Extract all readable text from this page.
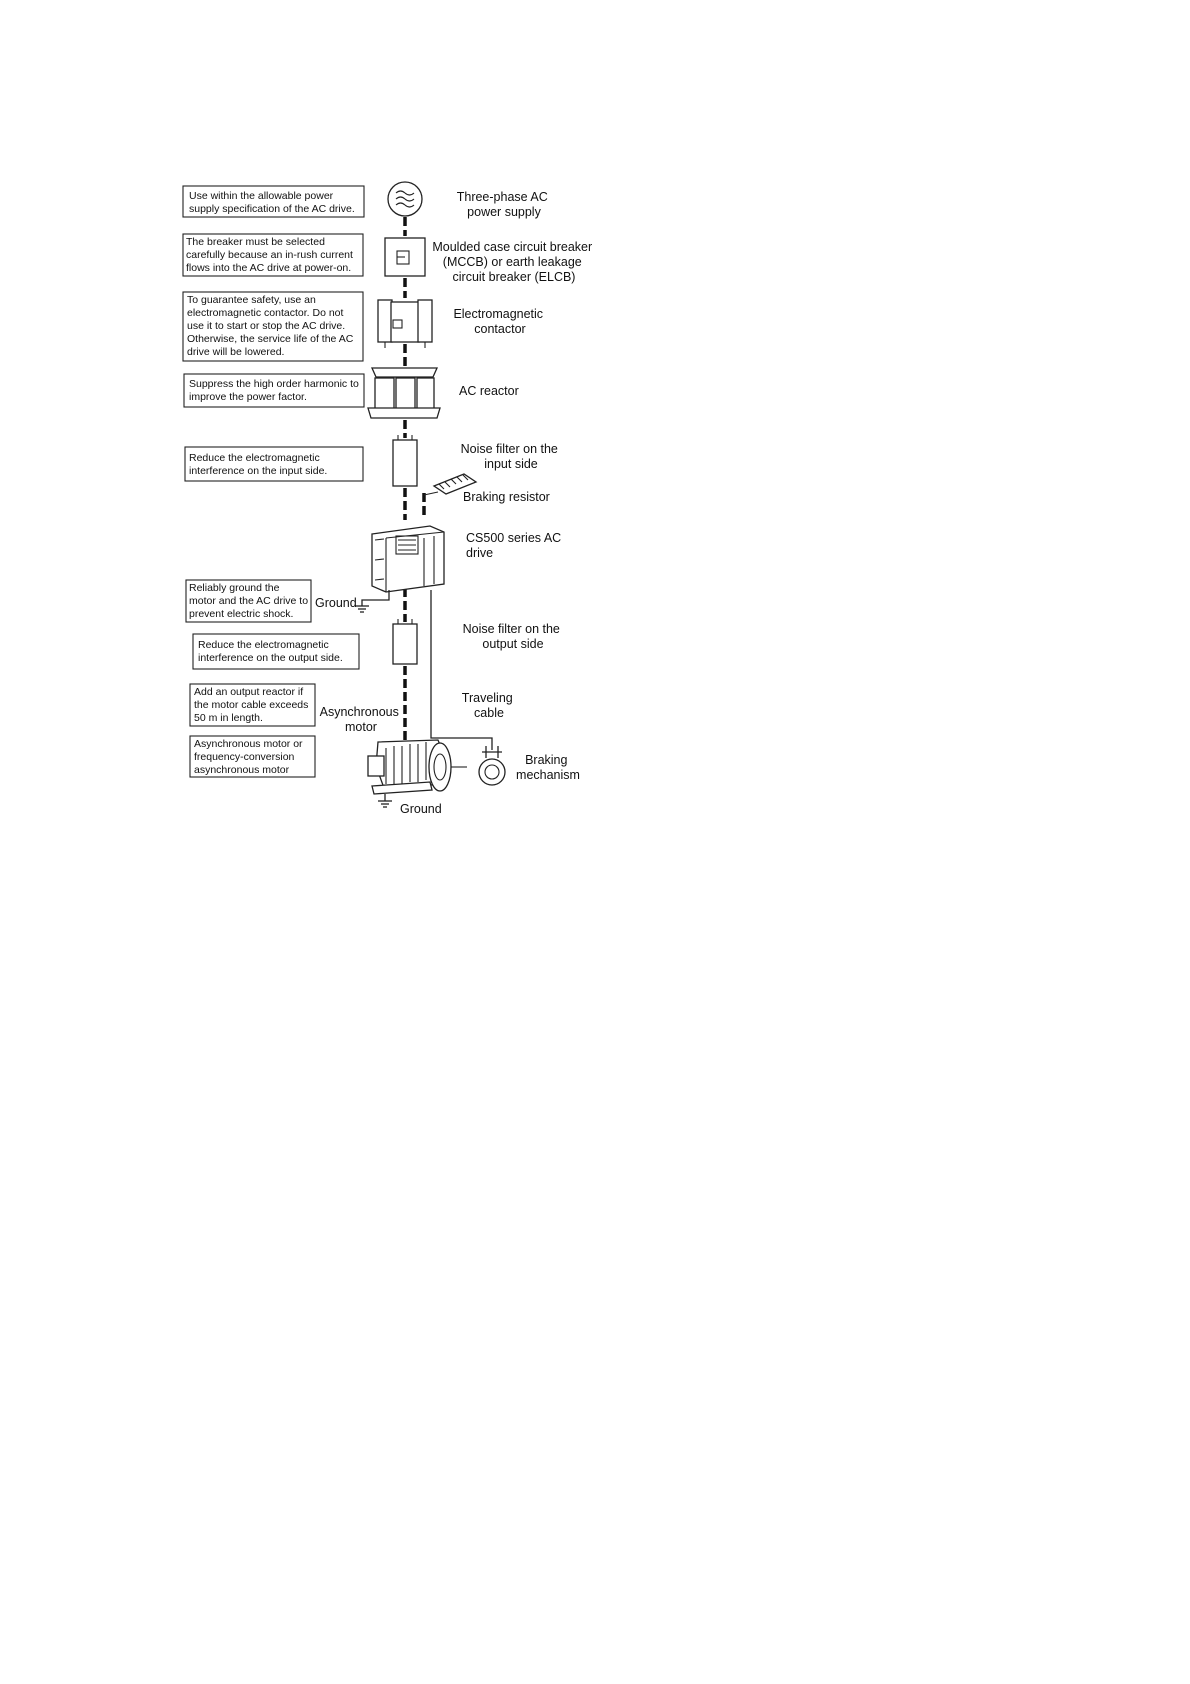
Use within the allowable power supply specification of the AC drive.
The breaker must be selected carefully because an in-rush current flows into the AC drive at power-on.
To guarantee safety, use an electromagnetic contactor. Do not use it to start or stop the AC drive. Otherwise, the service life of the AC drive will be lowered.
Suppress the high order harmonic to improve the power factor.
Reduce the electromagnetic interference on the input side.
Reliably ground the motor and the AC drive to prevent electric shock.
Reduce the electromagnetic interference on the output side.
Add an output reactor if the motor cable exceeds 50 m in length.
Asynchronous motor or frequency-conversion asynchronous motor
Three-phase AC power supply
Moulded case circuit breaker (MCCB) or earth leakage circuit breaker (ELCB)
Electromagnetic contactor
AC reactor
Noise filter on the input side
Braking resistor
CS500 series AC drive
Ground
Noise filter on the output side
Traveling cable
Asynchronous motor
Braking mechanism
Ground
